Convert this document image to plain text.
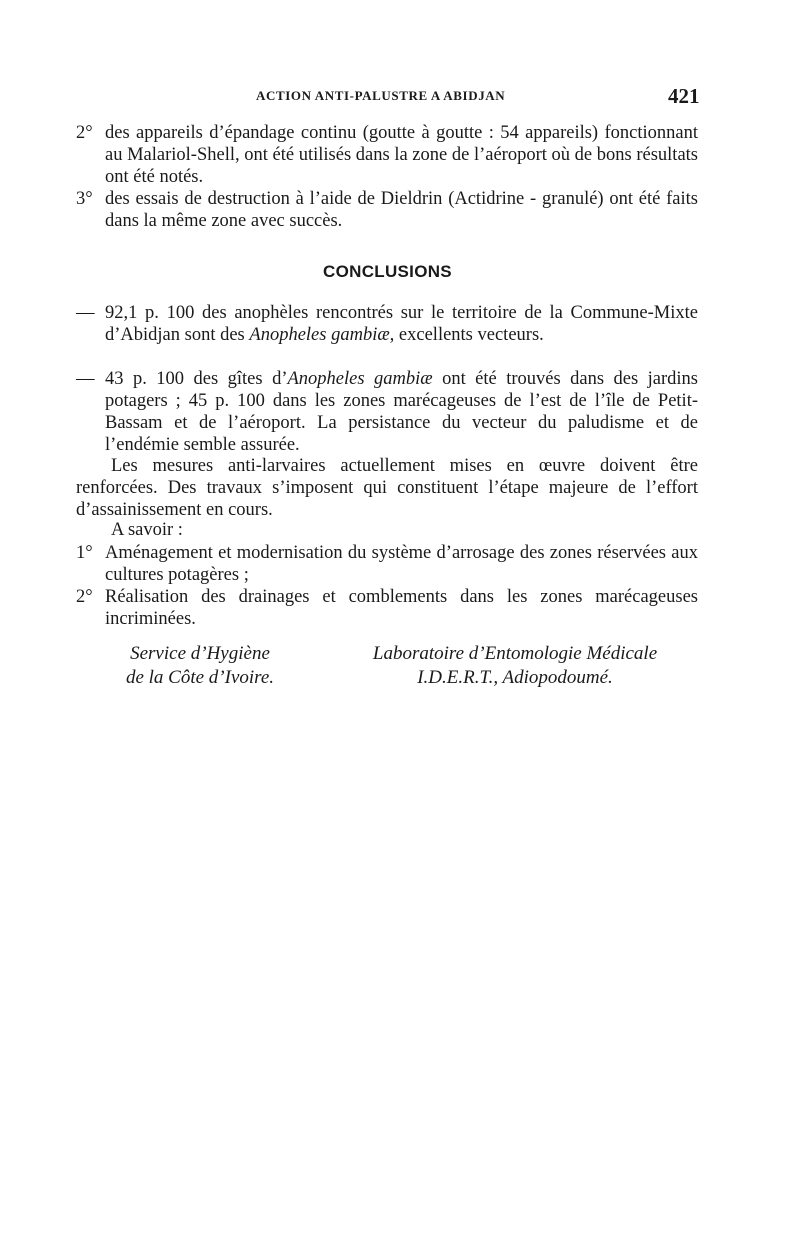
ACTION ANTI-PALUSTRE A ABIDJAN	421
2° des appareils d’épandage continu (goutte à goutte : 54 appareils) fonctionnant au Malariol-Shell, ont été utilisés dans la zone de l’aéroport où de bons résultats ont été notés.
3° des essais de destruction à l’aide de Dieldrin (Actidrine - granulé) ont été faits dans la même zone avec succès.
CONCLUSIONS
— 92,1 p. 100 des anophèles rencontrés sur le territoire de la Commune-Mixte d’Abidjan sont des Anopheles gambiæ, excellents vecteurs.
— 43 p. 100 des gîtes d’Anopheles gambiæ ont été trouvés dans des jardins potagers ; 45 p. 100 dans les zones marécageuses de l’est de l’île de Petit-Bassam et de l’aéroport. La persistance du vecteur du paludisme et de l’endémie semble assurée.
Les mesures anti-larvaires actuellement mises en œuvre doivent être renforcées. Des travaux s’imposent qui constituent l’étape majeure de l’effort d’assainissement en cours.
A savoir :
1° Aménagement et modernisation du système d’arrosage des zones réservées aux cultures potagères ;
2° Réalisation des drainages et comblements dans les zones marécageuses incriminées.
Service d’Hygiène
de la Côte d’Ivoire.
Laboratoire d’Entomologie Médicale
I.D.E.R.T., Adiopodoumé.
